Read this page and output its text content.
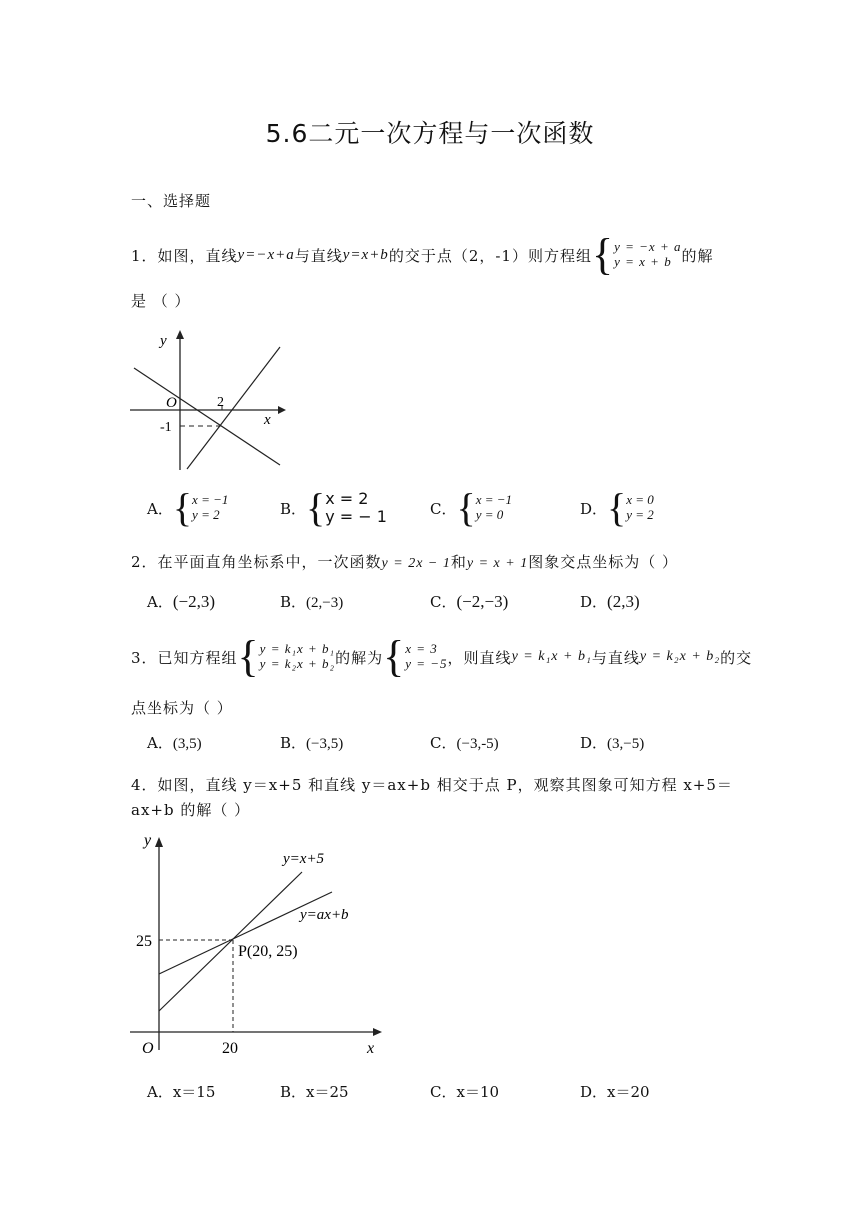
5.6二元一次方程与一次函数
一、选择题
1．如图，直线 y=−x+a 与直线 y=x+b 的交于点（2，-1）则方程组 { y = −x + a
y = x + b 的解
是 （ ）
y
O	2
-1	x
A． { x = −1
y = 2	B． { x = 2
y = − 1	C． { x = −1
y = 0	D． { x = 0
y = 2
2．在平面直角坐标系中，一次函数y = 2x − 1和y = x + 1图象交点坐标为（ ）
A．(−2,3)	B．(2,−3)	C．(−2,−3)	D．(2,3)
3．已知方程组 { y = k₁x + b₁
y = k₂x + b₂ 的解为 { x = 3
y = −5 ，则直线 y = k₁x + b₁ 与直线 y = k₂x + b₂ 的交
点坐标为（ ）
A．(3,5)	B．(−3,5)	C．(−3,-5)	D．(3,−5)
4．如图，直线 y＝x+5 和直线 y＝ax+b 相交于点 P，观察其图象可知方程 x+5＝
ax+b 的解（ ）
y
O	x
25
20
y=x+5
y=ax+b
P(20, 25)
A．x＝15	B．x＝25	C．x＝10	D．x＝20
